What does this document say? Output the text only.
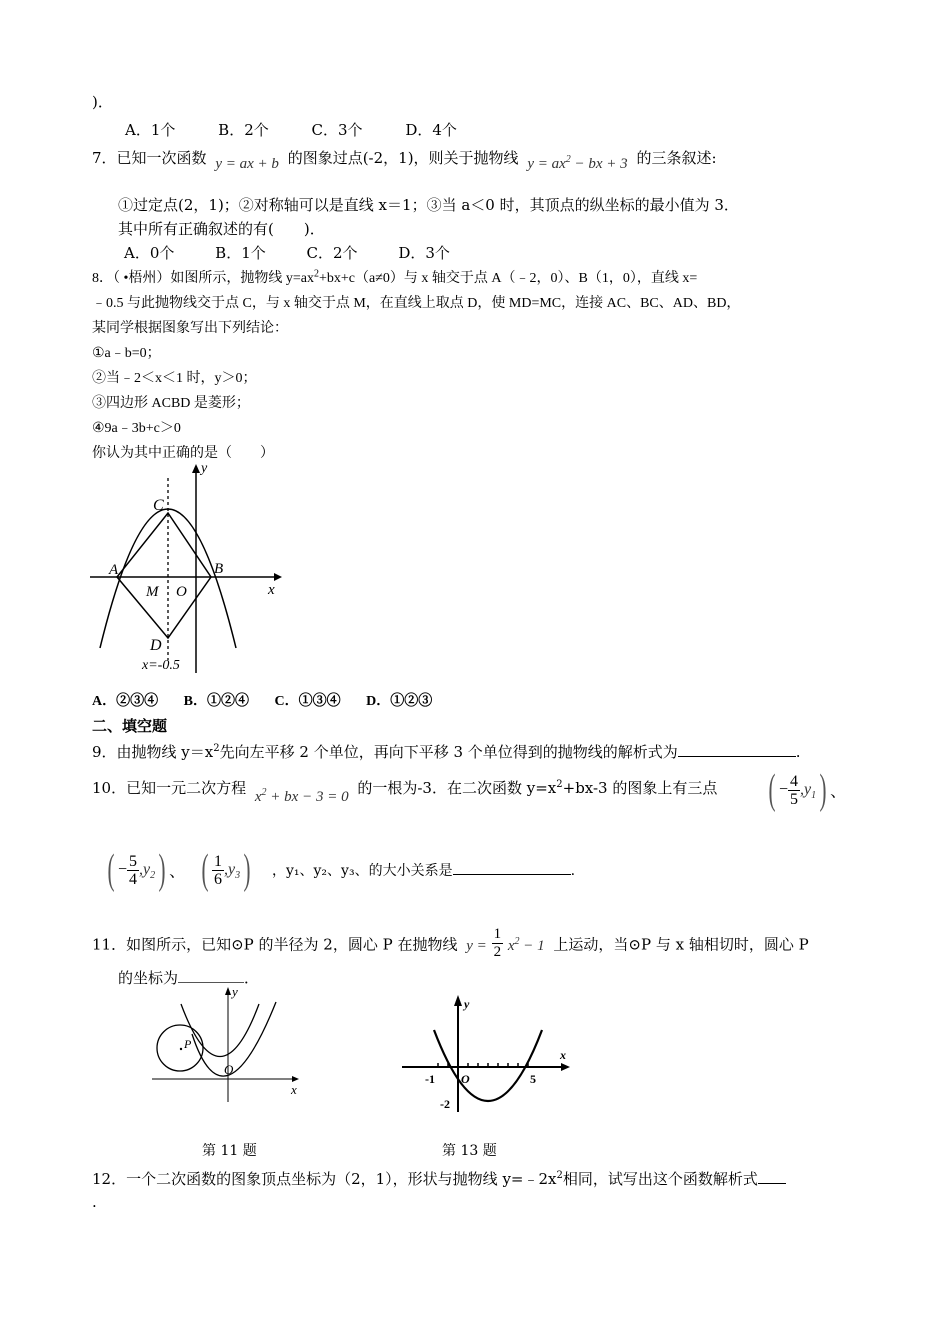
)．
A．1个	B．2个	C．3个	D．4个
7．已知一次函数 y = ax + b 的图象过点(-2，1)，则关于抛物线 $y = ax^2$ − bx + 3 的三条叙述:
①过定点(2，1)；②对称轴可以是直线 x＝1；③当 a＜0 时，其顶点的纵坐标的最小值为 3．
其中所有正确叙述的有(　　)．
A．0个	B．1个	C．2个	D．3个
8．（ •梧州）如图所示，抛物线 $y=ax^2+bx+c(a\ne 0)$与 x 轴交于点 A（﹣2，0）、B（1，0），直线 x=
﹣0.5 与此抛物线交于点 C，与 x 轴交于点 M，在直线上取点 D，使 MD=MC，连接 AC、BC、AD、BD，
某同学根据图象写出下列结论：
①a﹣b=0；
②当﹣2＜x＜1 时，y＞0；
③四边形 ACBD 是菱形；
④9a﹣3b+c＞0
你认为其中正确的是（　　）
y
x
A	B
C
D
M O
x=-0.5
A．②③④ B．①②④ C．①③④ D．①②③
二、填空题
9．由抛物线 $y=x^2$先向左平移 2 个单位，再向下平移 3 个单位得到的抛物线的解析式为	.
10．已知一元二次方程 $x^2$ + bx − 3 = 0 的一根为-3．在二次函数 $y=x^2+bx-3$ 的图象上有三点 ( − $\frac{4}{5} ,y_1$) 、
( − $\frac{5}{4} ,y_2$) 、 ( $\frac{1}{6} ,y_3$) ，y₁、y₂、y₃、的大小关系是	.
11．如图所示，已知⊙P 的半径为 2，圆心 P 在抛物线 $y = \frac{1}{2} x^2 - 1$ 上运动，当⊙P 与 x 轴相切时，圆心 P
的坐标为	．
y
x
O
P
y
x
O
-1	5
-2
第 11 题	第 13 题
12．一个二次函数的图象顶点坐标为（2，1），形状与抛物线 $y=﹣2x^2$相同，试写出这个函数解析式
.
